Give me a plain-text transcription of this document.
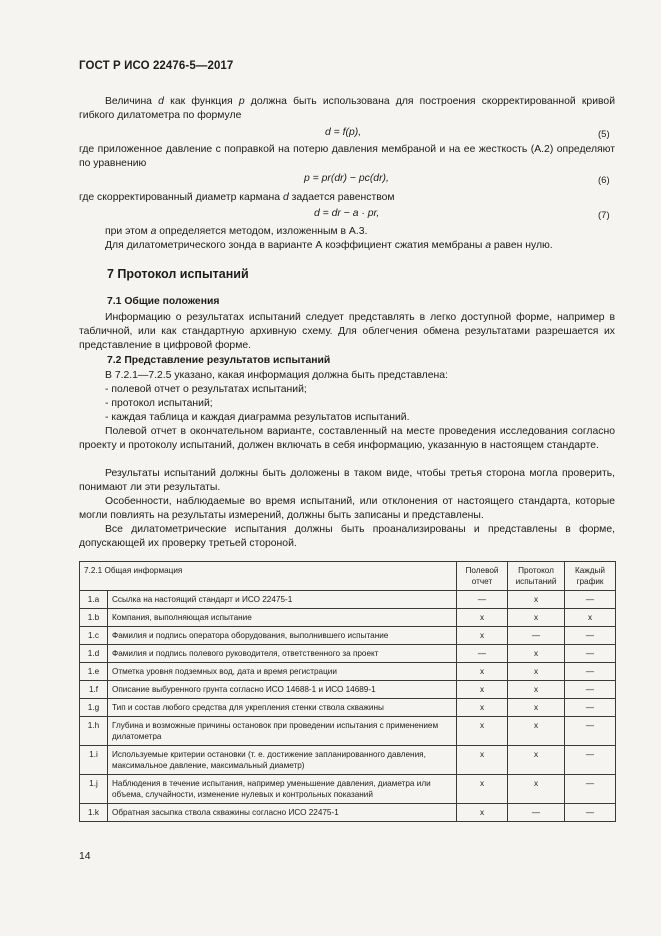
ГОСТ Р ИСО 22476-5—2017
Величина d как функция p должна быть использована для построения скорректированной кривой гибкого дилатометра по формуле
d = f(p),	(5)
где приложенное давление с поправкой на потерю давления мембраной и на ее жесткость (А.2) определяют по уравнению
p = pr(dr) − pc(dr),	(6)
где скорректированный диаметр кармана d задается равенством
d = dr − a · pr,	(7)
при этом a определяется методом, изложенным в А.3.
Для дилатометрического зонда в варианте А коэффициент сжатия мембраны a равен нулю.
7 Протокол испытаний
7.1 Общие положения
Информацию о результатах испытаний следует представлять в легко доступной форме, например в табличной, или как стандартную архивную схему. Для облегчения обмена результатами разрешается их представление в цифровой форме.
7.2 Представление результатов испытаний
В 7.2.1—7.2.5 указано, какая информация должна быть представлена:
- полевой отчет о результатах испытаний;
- протокол испытаний;
- каждая таблица и каждая диаграмма результатов испытаний.
Полевой отчет в окончательном варианте, составленный на месте проведения исследования согласно проекту и протоколу испытаний, должен включать в себя информацию, указанную в настоящем стандарте.
Результаты испытаний должны быть доложены в таком виде, чтобы третья сторона могла проверить, понимают ли эти результаты.
Особенности, наблюдаемые во время испытаний, или отклонения от настоящего стандарта, которые могли повлиять на результаты измерений, должны быть записаны и представлены.
Все дилатометрические испытания должны быть проанализированы и представлены в форме, допускающей их проверку третьей стороной.
7.2.1 Общая информация		Полевой отчет	Протокол испытаний	Каждый график
1.a	Ссылка на настоящий стандарт и ИСО 22475-1	—	x	—
1.b	Компания, выполняющая испытание	x	x	x
1.c	Фамилия и подпись оператора оборудования, выполнившего испытание	x	—	—
1.d	Фамилия и подпись полевого руководителя, ответственного за проект	—	x	—
1.e	Отметка уровня подземных вод, дата и время регистрации	x	x	—
1.f	Описание выбуренного грунта согласно ИСО 14688-1 и ИСО 14689-1	x	x	—
1.g	Тип и состав любого средства для укрепления стенки ствола скважины	x	x	—
1.h	Глубина и возможные причины остановок при проведении испытания с применением дилатометра	x	x	—
1.i	Используемые критерии остановки (т. е. достижение запланированного давления, максимальное давление, максимальный диаметр)	x	x	—
1.j	Наблюдения в течение испытания, например уменьшение давления, диаметра или объема, случайности, изменение нулевых и контрольных показаний	x	x	—
1.k	Обратная засыпка ствола скважины согласно ИСО 22475-1	x	—	—
14
